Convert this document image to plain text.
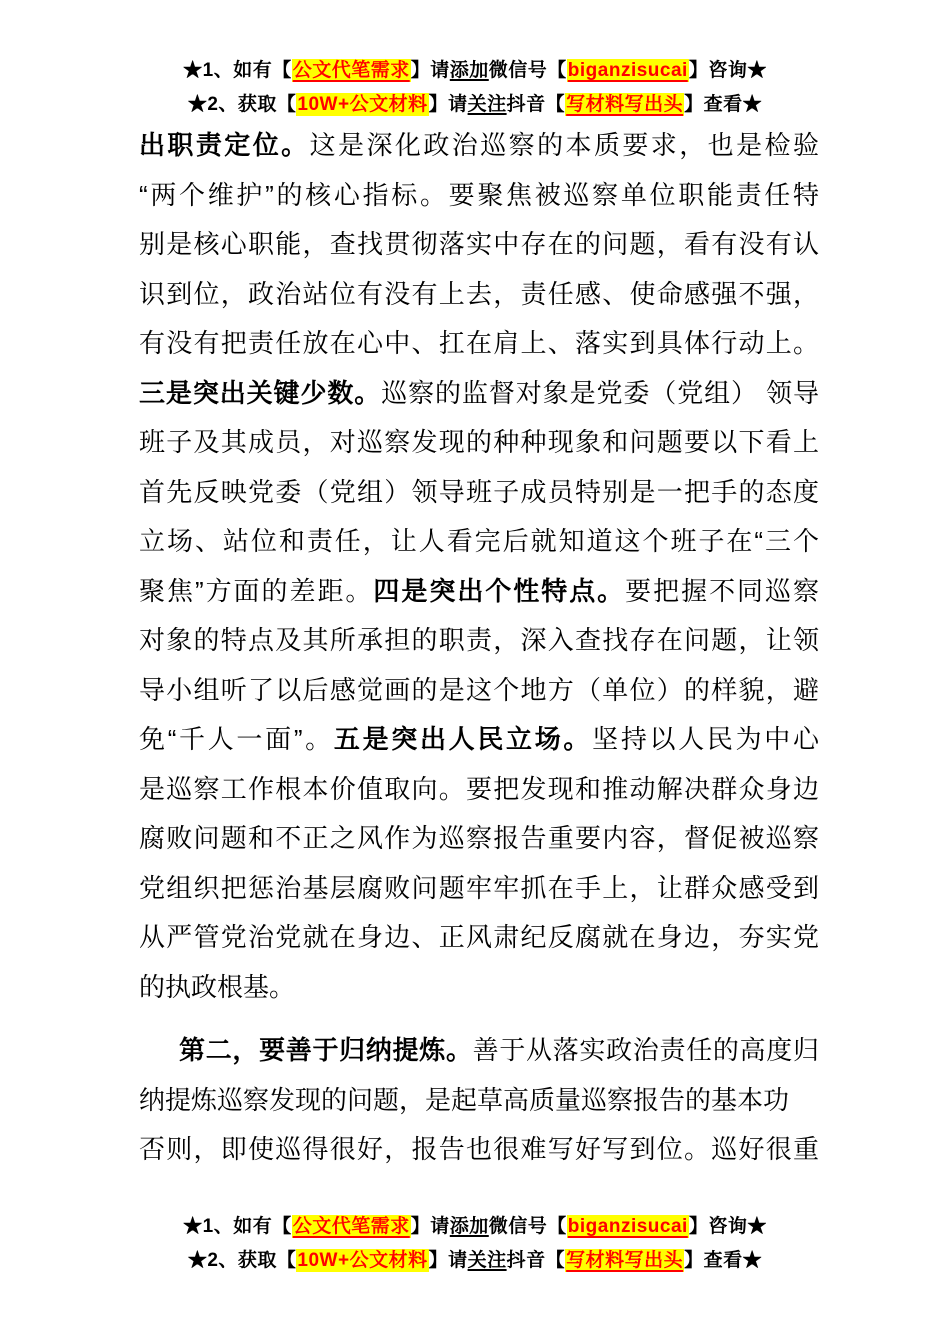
★1、如有【公文代笔需求】请添加微信号【biganzisucai】咨询★
★2、获取【10W+公文材料】请关注抖音【写材料写出头】查看★
出职责定位。这是深化政治巡察的本质要求，也是检验
“两个维护”的核心指标。要聚焦被巡察单位职能责任特
别是核心职能，查找贯彻落实中存在的问题，看有没有认
识到位，政治站位有没有上去，责任感、使命感强不强，
有没有把责任放在心中、扛在肩上、落实到具体行动上。
三是突出关键少数。巡察的监督对象是党委（党组） 领导
班子及其成员，对巡察发现的种种现象和问题要以下看上
首先反映党委（党组）领导班子成员特别是一把手的态度
立场、站位和责任，让人看完后就知道这个班子在“三个
聚焦”方面的差距。四是突出个性特点。要把握不同巡察
对象的特点及其所承担的职责，深入查找存在问题，让领
导小组听了以后感觉画的是这个地方（单位）的样貌，避
免“千人一面”。五是突出人民立场。坚持以人民为中心
是巡察工作根本价值取向。要把发现和推动解决群众身边
腐败问题和不正之风作为巡察报告重要内容，督促被巡察
党组织把惩治基层腐败问题牢牢抓在手上，让群众感受到
从严管党治党就在身边、正风肃纪反腐就在身边，夯实党
的执政根基。
第二，要善于归纳提炼。善于从落实政治责任的高度归
纳提炼巡察发现的问题，是起草高质量巡察报告的基本功
否则，即使巡得很好，报告也很难写好写到位。巡好很重
★1、如有【公文代笔需求】请添加微信号【biganzisucai】咨询★
★2、获取【10W+公文材料】请关注抖音【写材料写出头】查看★
